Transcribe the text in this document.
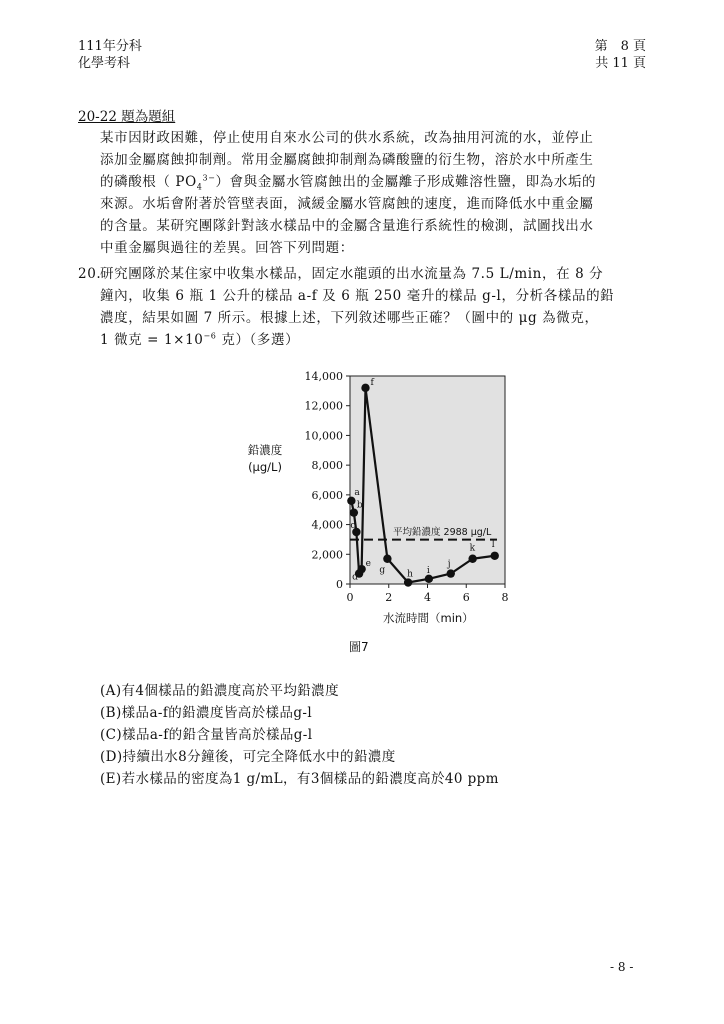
111年分科
化學考科
第　8 頁
共 11 頁
20-22 題為題組

某市因財政困難，停止使用自來水公司的供水系統，改為抽用河流的水，並停止

添加金屬腐蝕抑制劑。常用金屬腐蝕抑制劑為磷酸鹽的衍生物，溶於水中所產生

的磷酸根（ $PO_4^{3-}$）會與金屬水管腐蝕出的金屬離子形成難溶性鹽，即為水垢的

來源。水垢會附著於管壁表面，減緩金屬水管腐蝕的速度，進而降低水中重金屬

的含量。某研究團隊針對該水樣品中的金屬含量進行系統性的檢測，試圖找出水

中重金屬與過往的差異。回答下列問題：

20.
研究團隊於某住家中收集水樣品，固定水龍頭的出水流量為 7.5 L/min，在 8 分
鐘內，收集 6 瓶 1 公升的樣品 a-f 及 6 瓶 250 毫升的樣品 g-l，分析各樣品的鉛
濃度，結果如圖 7 所示。根據上述，下列敘述哪些正確？（圖中的 μg 為微克，
1 微克 = $1\times 10^{-6}$ 克）（多選）
鉛濃度
(μg/L)
0
2,000
4,000
6,000
8,000
10,000
12,000
14,000
0	2	4	6	8
a
b
c
d
e
f
g h i
j
k l
平均鉛濃度 2988 μg/L
水流時間（min）
圖7
(A)有4個樣品的鉛濃度高於平均鉛濃度
(B)樣品a-f的鉛濃度皆高於樣品g-l
(C)樣品a-f的鉛含量皆高於樣品g-l
(D)持續出水8分鐘後，可完全降低水中的鉛濃度
(E)若水樣品的密度為1 g/mL，有3個樣品的鉛濃度高於40 ppm
- 8 -
